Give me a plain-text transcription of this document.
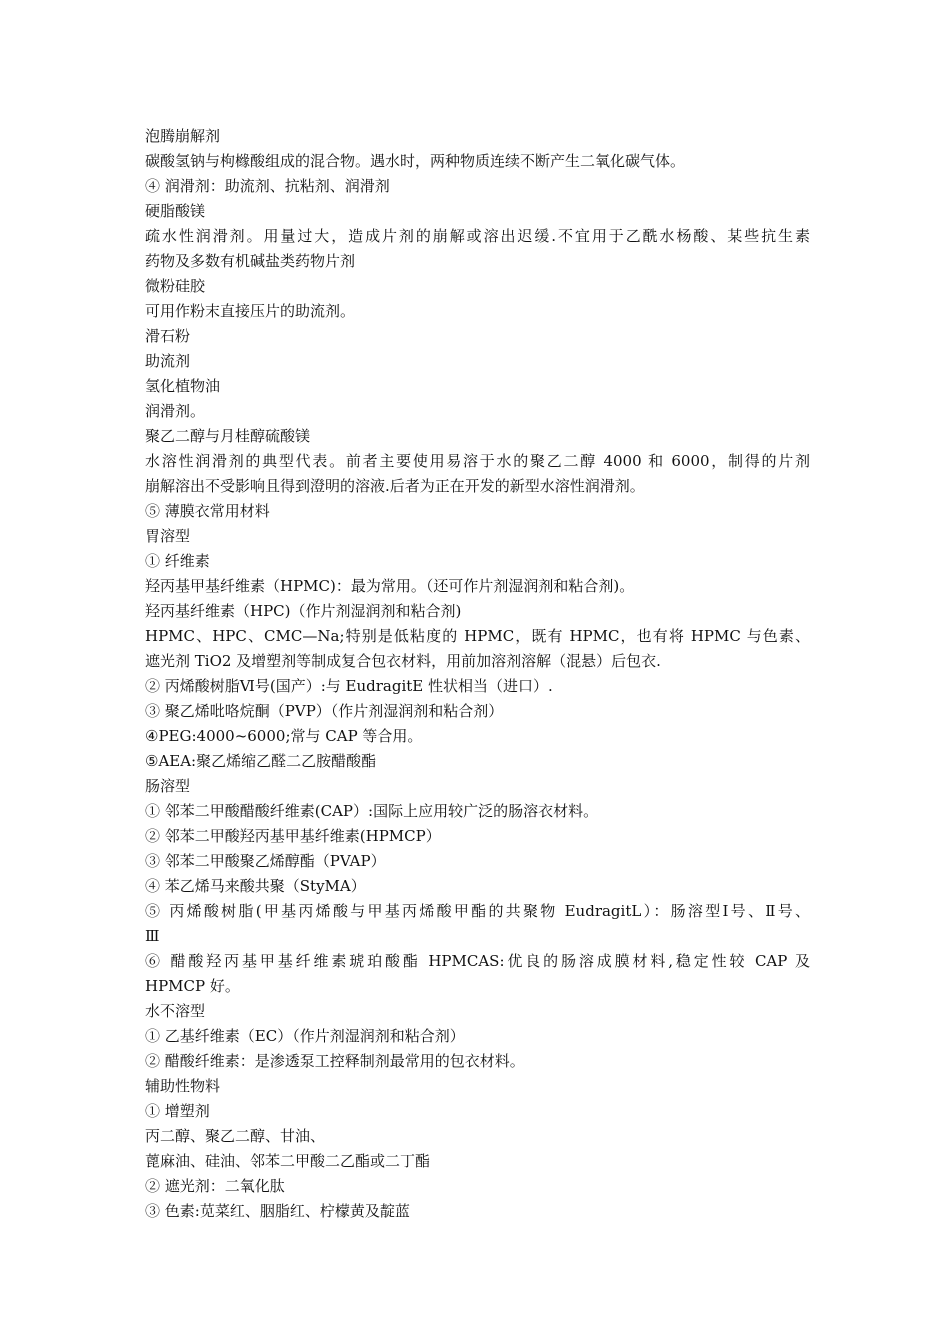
泡腾崩解剂

碳酸氢钠与枸橼酸组成的混合物。遇水时，两种物质连续不断产生二氧化碳气体。

④ 润滑剂：助流剂、抗粘剂、润滑剂

硬脂酸镁

疏水性润滑剂。用量过大，造成片剂的崩解或溶出迟缓.不宜用于乙酰水杨酸、某些抗生素

药物及多数有机碱盐类药物片剂

微粉硅胶

可用作粉末直接压片的助流剂。

滑石粉

助流剂

氢化植物油

润滑剂。

聚乙二醇与月桂醇硫酸镁

水溶性润滑剂的典型代表。前者主要使用易溶于水的聚乙二醇 4000 和 6000，制得的片剂

崩解溶出不受影响且得到澄明的溶液.后者为正在开发的新型水溶性润滑剂。

⑤ 薄膜衣常用材料

胃溶型

① 纤维素

羟丙基甲基纤维素（HPMC)：最为常用。（还可作片剂湿润剂和粘合剂)。

羟丙基纤维素（HPC)（作片剂湿润剂和粘合剂)

HPMC、HPC、CMC—Na;特别是低粘度的 HPMC，既有 HPMC，也有将 HPMC 与色素、

遮光剂 TiO2 及增塑剂等制成复合包衣材料，用前加溶剂溶解（混悬）后包衣.

② 丙烯酸树脂Ⅵ号(国产）:与 EudragitE 性状相当（进口）.

③ 聚乙烯吡咯烷酮（PVP）（作片剂湿润剂和粘合剂）

④PEG:4000~6000;常与 CAP 等合用。

⑤AEA:聚乙烯缩乙醛二乙胺醋酸酯

肠溶型

① 邻苯二甲酸醋酸纤维素(CAP）:国际上应用较广泛的肠溶衣材料。

② 邻苯二甲酸羟丙基甲基纤维素(HPMCP）

③ 邻苯二甲酸聚乙烯醇酯（PVAP）

④ 苯乙烯马来酸共聚（StyMA）

⑤ 丙烯酸树脂(甲基丙烯酸与甲基丙烯酸甲酯的共聚物 EudragitL）：肠溶型Ⅰ号、Ⅱ号、

Ⅲ

⑥ 醋酸羟丙基甲基纤维素琥珀酸酯 HPMCAS:优良的肠溶成膜材料,稳定性较 CAP 及

HPMCP 好。

水不溶型

① 乙基纤维素（EC）（作片剂湿润剂和粘合剂）

② 醋酸纤维素：是渗透泵工控释制剂最常用的包衣材料。

辅助性物料

① 增塑剂

丙二醇、聚乙二醇、甘油、

蓖麻油、硅油、邻苯二甲酸二乙酯或二丁酯

② 遮光剂：二氧化肽

③ 色素:苋菜红、胭脂红、柠檬黄及靛蓝
